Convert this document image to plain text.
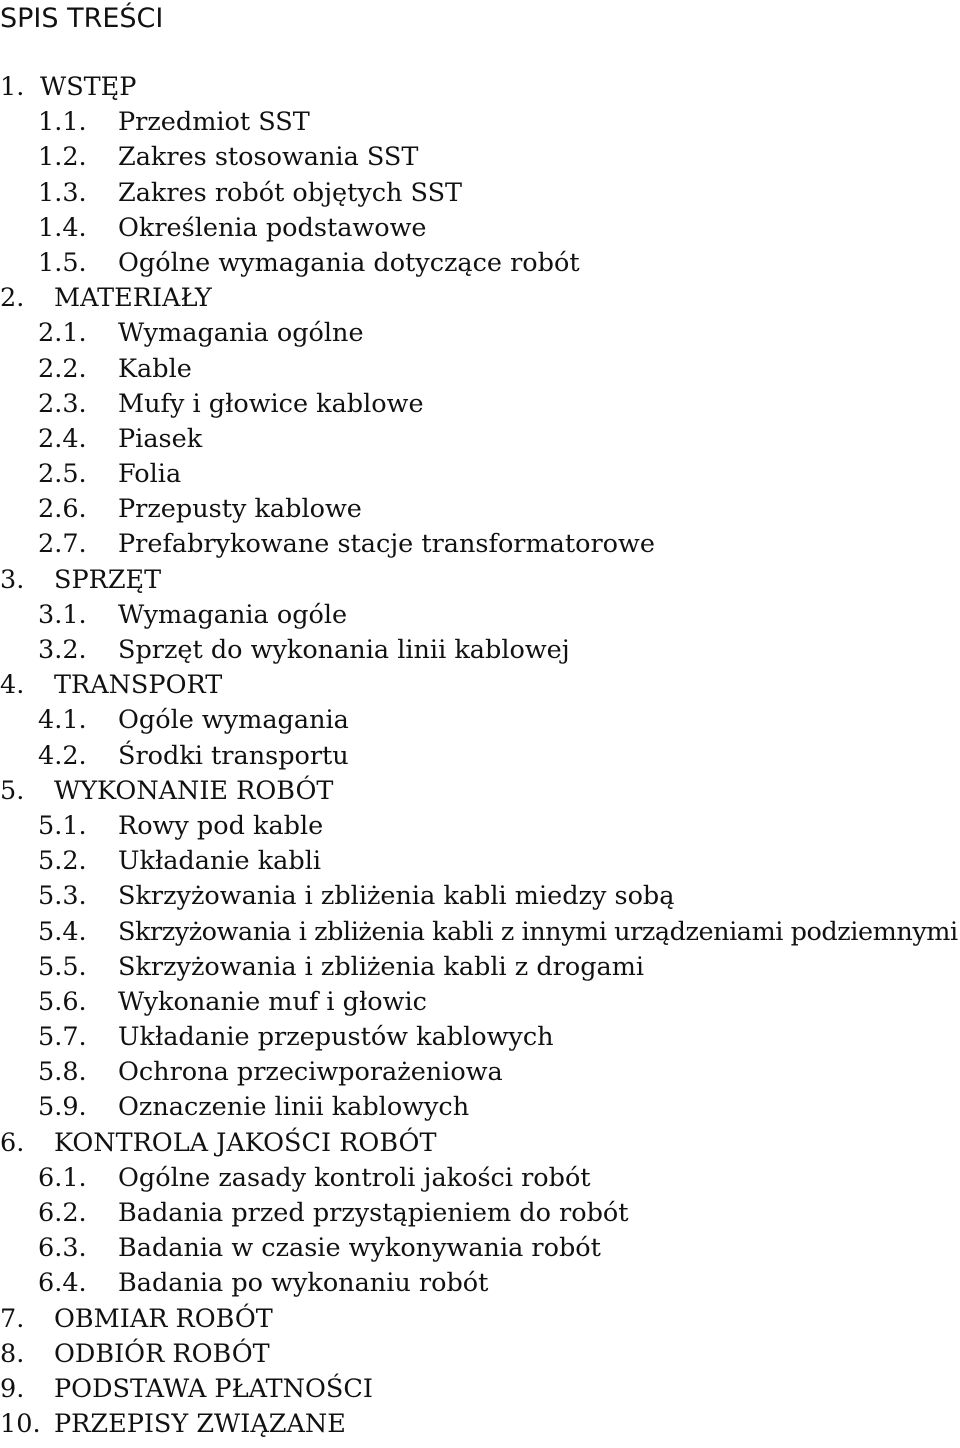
SPIS TREŚCI
1. WSTĘP
1.1. Przedmiot SST
1.2. Zakres stosowania SST
1.3. Zakres robót objętych SST
1.4. Określenia podstawowe
1.5. Ogólne wymagania dotyczące robót
2. MATERIAŁY
2.1. Wymagania ogólne
2.2. Kable
2.3. Mufy i głowice kablowe
2.4. Piasek
2.5. Folia
2.6. Przepusty kablowe
2.7. Prefabrykowane stacje transformatorowe
3. SPRZĘT
3.1. Wymagania ogóle
3.2. Sprzęt do wykonania linii kablowej
4. TRANSPORT
4.1. Ogóle wymagania
4.2. Środki transportu
5. WYKONANIE ROBÓT
5.1. Rowy pod kable
5.2. Układanie kabli
5.3. Skrzyżowania i zbliżenia kabli miedzy sobą
5.4. Skrzyżowania i zbliżenia kabli z innymi urządzeniami podziemnymi
5.5. Skrzyżowania i zbliżenia kabli z drogami
5.6. Wykonanie muf i głowic
5.7. Układanie przepustów kablowych
5.8. Ochrona przeciwporażeniowa
5.9. Oznaczenie linii kablowych
6. KONTROLA JAKOŚCI ROBÓT
6.1. Ogólne zasady kontroli jakości robót
6.2. Badania przed przystąpieniem do robót
6.3. Badania w czasie wykonywania robót
6.4. Badania po wykonaniu robót
7. OBMIAR ROBÓT
8. ODBIÓR ROBÓT
9. PODSTAWA PŁATNOŚCI
10. PRZEPISY ZWIĄZANE
